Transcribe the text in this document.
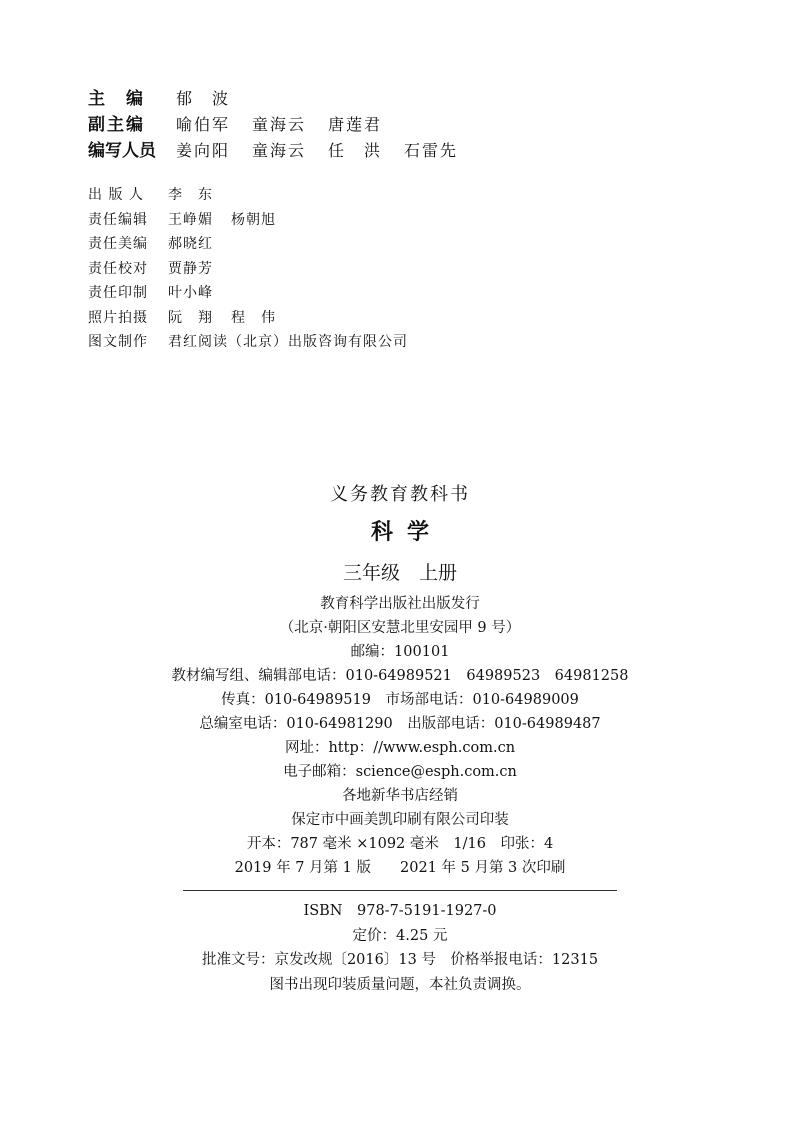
主　编	郁　波
副主编	喻伯军 童海云 唐莲君
编写人员	姜向阳 童海云 任　洪 石雷先
出 版 人	李　东
责任编辑	王峥媚 杨朝旭
责任美编	郝晓红
责任校对	贾静芳
责任印制	叶小峰
照片拍摄	阮　翔 程　伟
图文制作	君红阅读（北京）出版咨询有限公司
义务教育教科书
科学
三年级　上册
教育科学出版社出版发行
（北京·朝阳区安慧北里安园甲 9 号）
邮编：100101
教材编写组、编辑部电话：010-64989521　64989523　64981258
传真：010-64989519　市场部电话：010-64989009
总编室电话：010-64981290　出版部电话：010-64989487
网址：http：//www.esph.com.cn
电子邮箱：science@esph.com.cn
各地新华书店经销
保定市中画美凯印刷有限公司印装
开本：787 毫米 ×1092 毫米　1/16　印张：4
2019 年 7 月第 1 版　　2021 年 5 月第 3 次印刷
ISBN　978-7-5191-1927-0
定价：4.25 元
批准文号：京发改规〔2016〕13 号　价格举报电话：12315
图书出现印装质量问题，本社负责调换。
